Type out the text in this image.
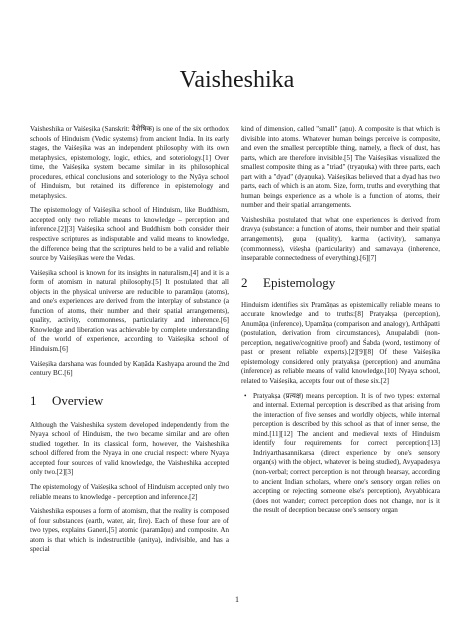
Vaisheshika

Vaisheshika or Vaiśeṣika (Sanskrit: वैशेषिक) is one of the six orthodox schools of Hinduism (Vedic systems) from ancient India. In its early stages, the Vaiśeṣika was an independent philosophy with its own metaphysics, epistemology, logic, ethics, and soteriology.[1] Over time, the Vaiśeṣika system became similar in its philosophical procedures, ethical conclusions and soteriology to the Nyāya school of Hinduism, but retained its difference in epistemology and metaphysics.

The epistemology of Vaiśeṣika school of Hinduism, like Buddhism, accepted only two reliable means to knowledge – perception and inference.[2][3] Vaiśeṣika school and Buddhism both consider their respective scriptures as indisputable and valid means to knowledge, the difference being that the scriptures held to be a valid and reliable source by Vaiśeṣikas were the Vedas.

Vaiśeṣika school is known for its insights in naturalism,[4] and it is a form of atomism in natural philosophy.[5] It postulated that all objects in the physical universe are reducible to paramāṇu (atoms), and one's experiences are derived from the interplay of substance (a function of atoms, their number and their spatial arrangements), quality, activity, commonness, particularity and inherence.[6] Knowledge and liberation was achievable by complete understanding of the world of experience, according to Vaiśeṣika school of Hinduism.[6]

Vaiśeṣika darshana was founded by Kaṇāda Kashyapa around the 2nd century BC.[6]

1 Overview

Although the Vaisheshika system developed independently from the Nyaya school of Hinduism, the two became similar and are often studied together. In its classical form, however, the Vaisheshika school differed from the Nyaya in one crucial respect: where Nyaya accepted four sources of valid knowledge, the Vaisheshika accepted only two.[2][3]

The epistemology of Vaiśeṣika school of Hinduism accepted only two reliable means to knowledge - perception and inference.[2]

Vaisheshika espouses a form of atomism, that the reality is composed of four substances (earth, water, air, fire). Each of these four are of two types, explains Ganeri,[5] atomic (paramāṇu) and composite. An atom is that which is indestructible (anitya), indivisible, and has a special

kind of dimension, called "small" (aṇu). A composite is that which is divisible into atoms. Whatever human beings perceive is composite, and even the smallest perceptible thing, namely, a fleck of dust, has parts, which are therefore invisible.[5] The Vaiśeṣikas visualized the smallest composite thing as a "triad" (tryaṇuka) with three parts, each part with a "dyad" (dyaṇuka). Vaiśeṣikas believed that a dyad has two parts, each of which is an atom. Size, form, truths and everything that human beings experience as a whole is a function of atoms, their number and their spatial arrangements.

Vaisheshika postulated that what one experiences is derived from dravya (substance: a function of atoms, their number and their spatial arrangements), guṇa (quality), karma (activity), samanya (commonness), viśeṣha (particularity) and samavaya (inherence, inseparable connectedness of everything).[6][7]

2 Epistemology

Hinduism identifies six Pramāṇas as epistemically reliable means to accurate knowledge and to truths:[8] Pratyakṣa (perception), Anumāṇa (inference), Upamāṇa (comparison and analogy), Arthāpatti (postulation, derivation from circumstances), Anupalabdi (non-perception, negative/cognitive proof) and Śabda (word, testimony of past or present reliable experts).[2][9][8] Of these Vaiśeṣika epistemology considered only pratyakṣa (perception) and anumāna (inference) as reliable means of valid knowledge.[10] Nyaya school, related to Vaiśeṣika, accepts four out of these six.[2]

• Pratyakṣa (प्रत्यक्ष) means perception. It is of two types: external and internal. External perception is described as that arising from the interaction of five senses and worldly objects, while internal perception is described by this school as that of inner sense, the mind.[11][12] The ancient and medieval texts of Hinduism identify four requirements for correct perception:[13] Indriyarthasannikarsa (direct experience by one's sensory organ(s) with the object, whatever is being studied), Avyapadesya (non-verbal; correct perception is not through hearsay, according to ancient Indian scholars, where one's sensory organ relies on accepting or rejecting someone else's perception), Avyabhicara (does not wander; correct perception does not change, nor is it the result of deception because one's sensory organ
1
